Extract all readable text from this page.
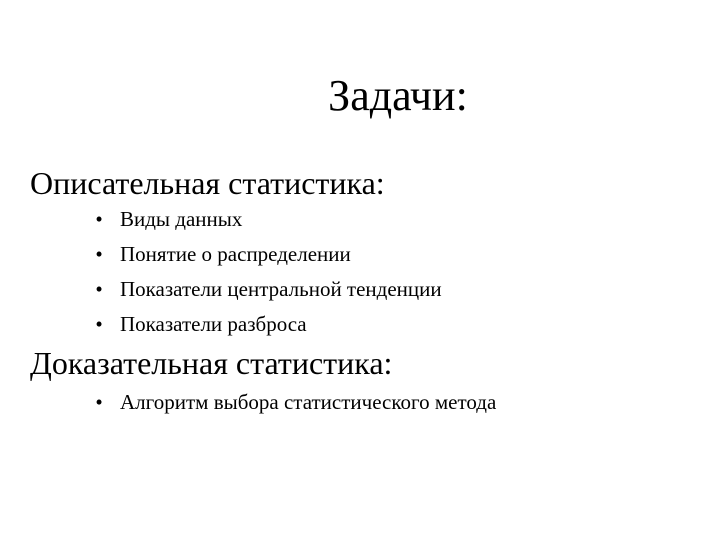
Задачи:
Описательная статистика:
• Виды данных
• Понятие о распределении
• Показатели центральной тенденции
• Показатели разброса
Доказательная статистика:
• Алгоритм выбора статистического метода
